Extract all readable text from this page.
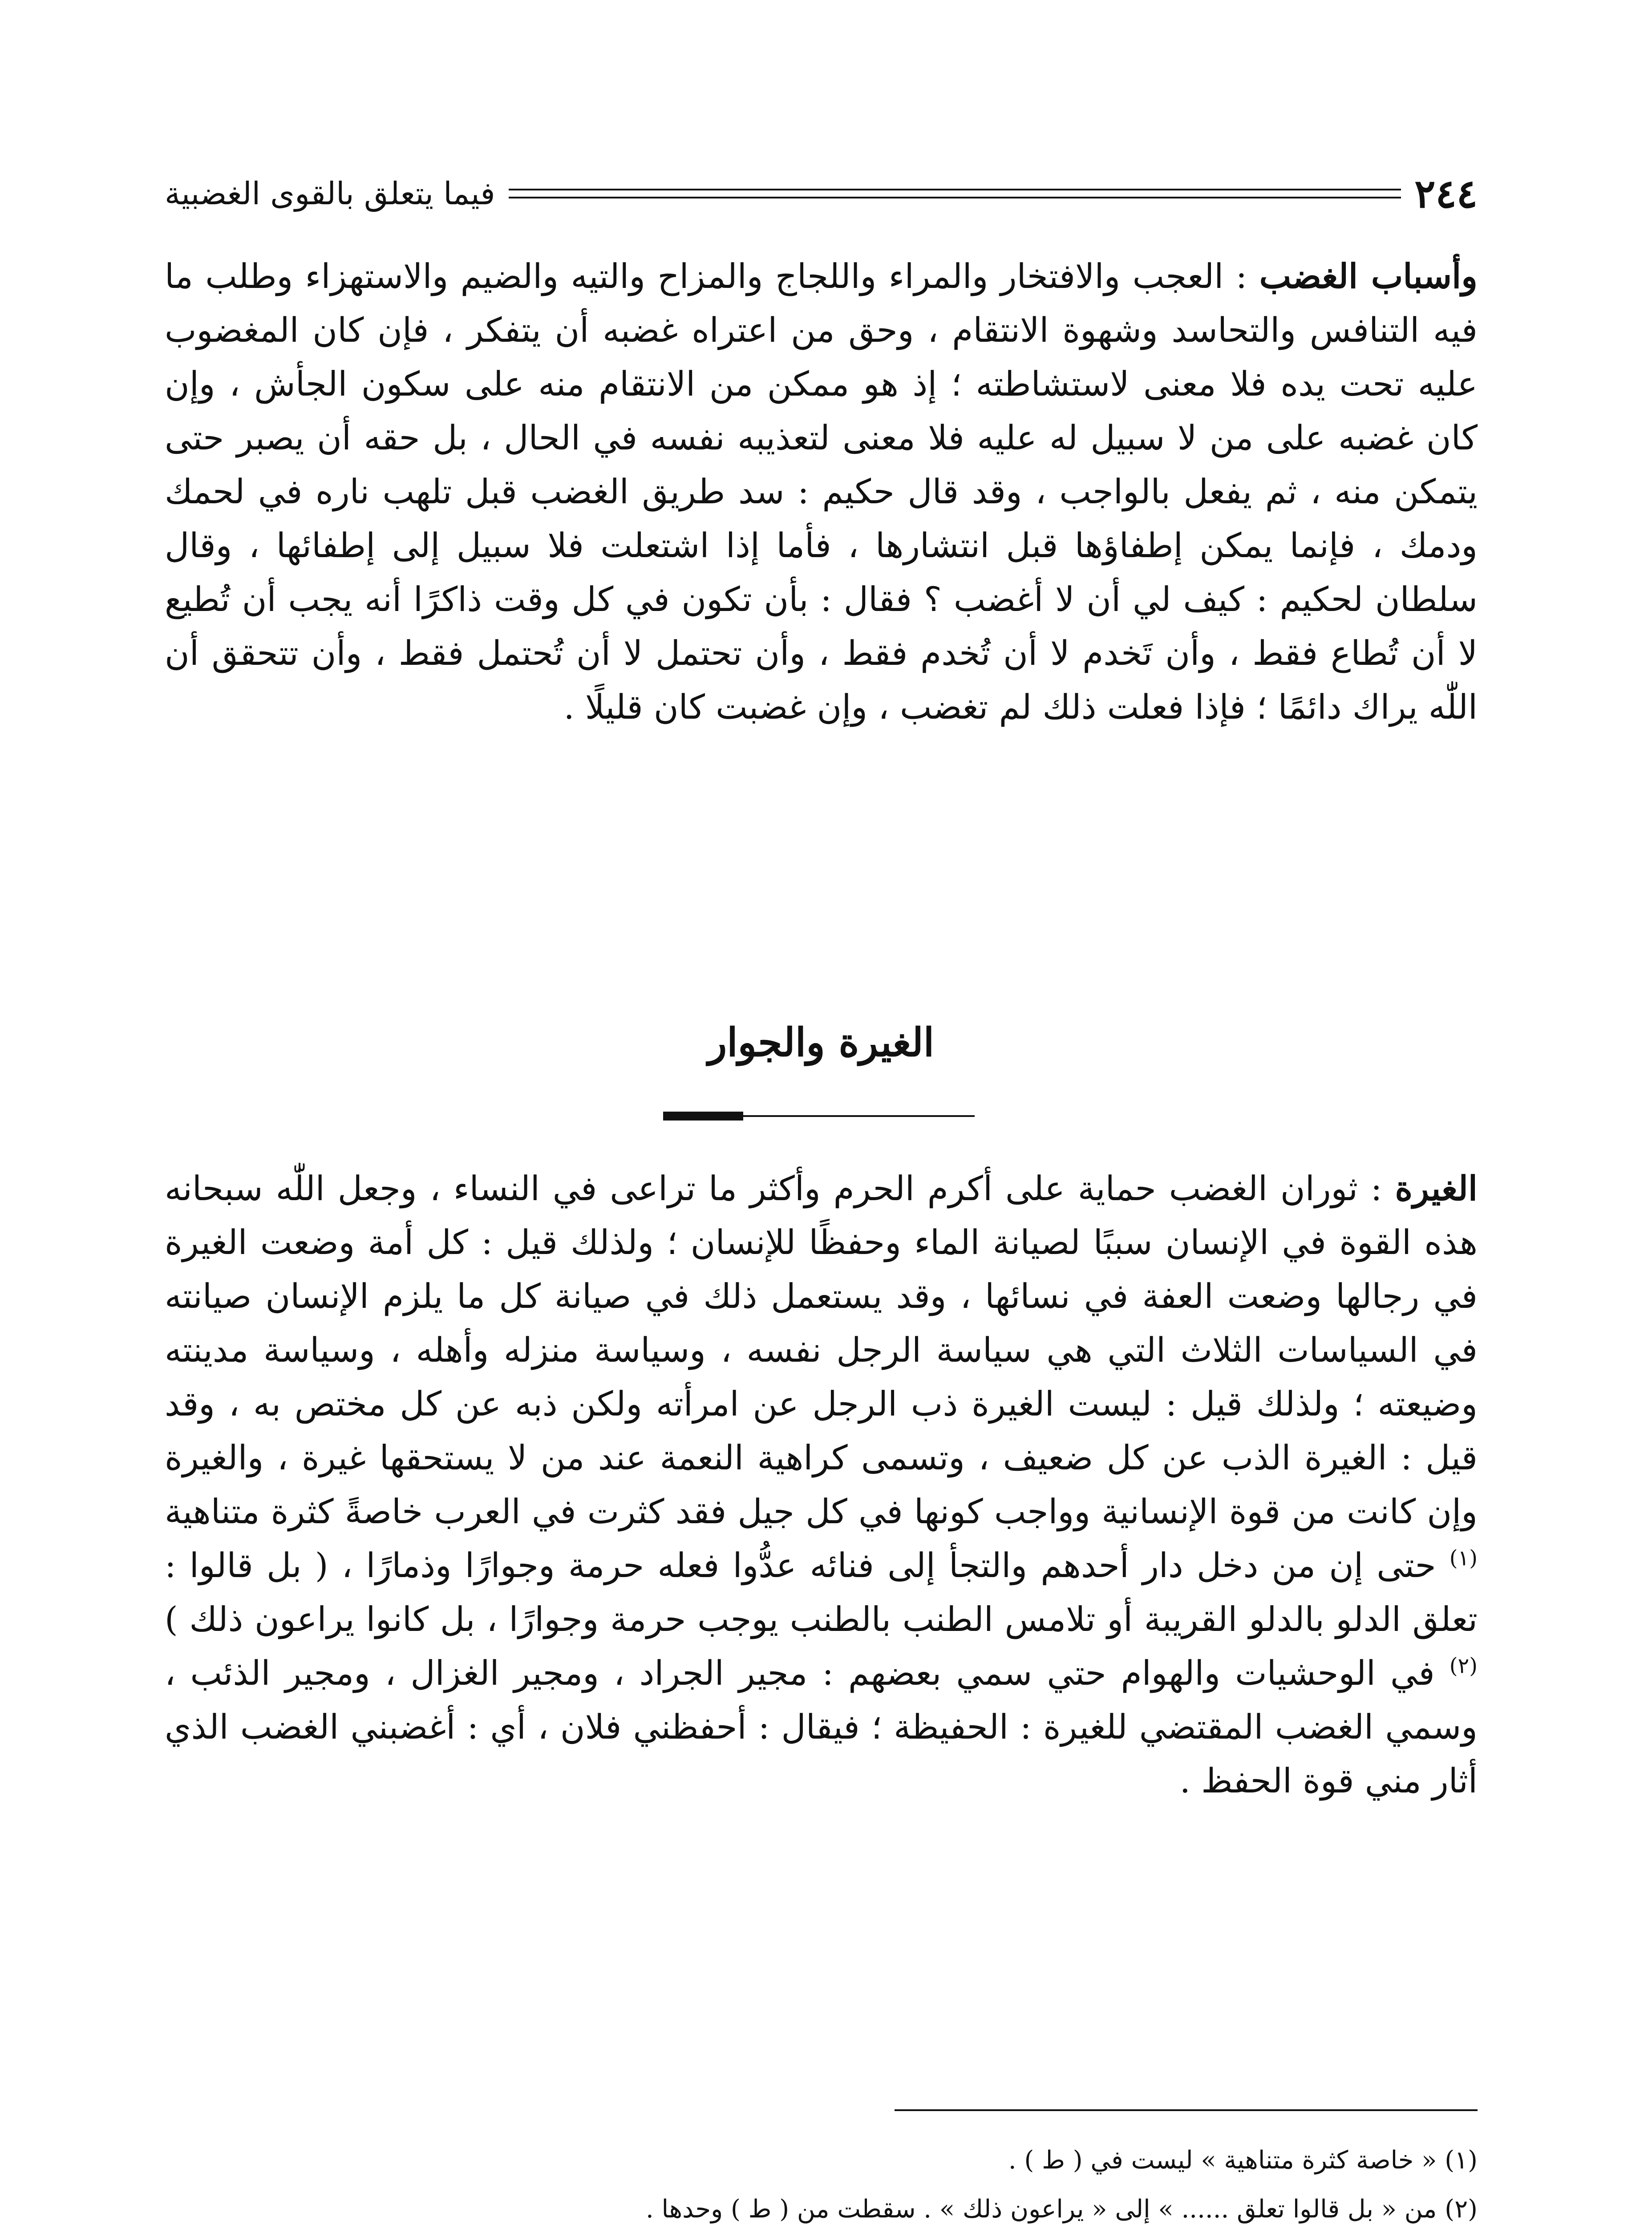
٢٤٤
فيما يتعلق بالقوى الغضبية

وأسباب الغضب : العجب والافتخار والمراء واللجاج والمزاح والتيه والضيم والاستهزاء وطلب ما فيه التنافس والتحاسد وشهوة الانتقام ، وحق من اعتراه غضبه أن يتفكر ، فإن كان المغضوب عليه تحت يده فلا معنى لاستشاطته ؛ إذ هو ممكن من الانتقام منه على سكون الجأش ، وإن كان غضبه على من لا سبيل له عليه فلا معنى لتعذيبه نفسه في الحال ، بل حقه أن يصبر حتى يتمكن منه ، ثم يفعل بالواجب ، وقد قال حكيم : سد طريق الغضب قبل تلهب ناره في لحمك ودمك ، فإنما يمكن إطفاؤها قبل انتشارها ، فأما إذا اشتعلت فلا سبيل إلى إطفائها ، وقال سلطان لحكيم : كيف لي أن لا أغضب ؟ فقال : بأن تكون في كل وقت ذاكرًا أنه يجب أن تُطيع لا أن تُطاع فقط ، وأن تَخدم لا أن تُخدم فقط ، وأن تحتمل لا أن تُحتمل فقط ، وأن تتحقق أن اللّٰه يراك دائمًا ؛ فإذا فعلت ذلك لم تغضب ، وإن غضبت كان قليلًا .

الغيرة والجوار

الغيرة : ثوران الغضب حماية على أكرم الحرم وأكثر ما تراعى في النساء ، وجعل اللّٰه سبحانه هذه القوة في الإنسان سببًا لصيانة الماء وحفظًا للإنسان ؛ ولذلك قيل : كل أمة وضعت الغيرة في رجالها وضعت العفة في نسائها ، وقد يستعمل ذلك في صيانة كل ما يلزم الإنسان صيانته في السياسات الثلاث التي هي سياسة الرجل نفسه ، وسياسة منزله وأهله ، وسياسة مدينته وضيعته ؛ ولذلك قيل : ليست الغيرة ذب الرجل عن امرأته ولكن ذبه عن كل مختص به ، وقد قيل : الغيرة الذب عن كل ضعيف ، وتسمى كراهية النعمة عند من لا يستحقها غيرة ، والغيرة وإن كانت من قوة الإنسانية وواجب كونها في كل جيل فقد كثرت في العرب خاصةً كثرة متناهية $^{(١)}$ حتى إن من دخل دار أحدهم والتجأ إلى فنائه عدُّوا فعله حرمة وجوارًا وذمارًا ، ( بل قالوا : تعلق الدلو بالدلو القريبة أو تلامس الطنب بالطنب يوجب حرمة وجوارًا ، بل كانوا يراعون ذلك ) $^{(٢)}$ في الوحشيات والهوام حتي سمي بعضهم : مجير الجراد ، ومجير الغزال ، ومجير الذئب ، وسمي الغضب المقتضي للغيرة : الحفيظة ؛ فيقال : أحفظني فلان ، أي : أغضبني الغضب الذي أثار مني قوة الحفظ .

(١) « خاصة كثرة متناهية » ليست في ( ط ) .

(٢) من « بل قالوا تعلق ...... » إلى « يراعون ذلك » . سقطت من ( ط ) وحدها .
